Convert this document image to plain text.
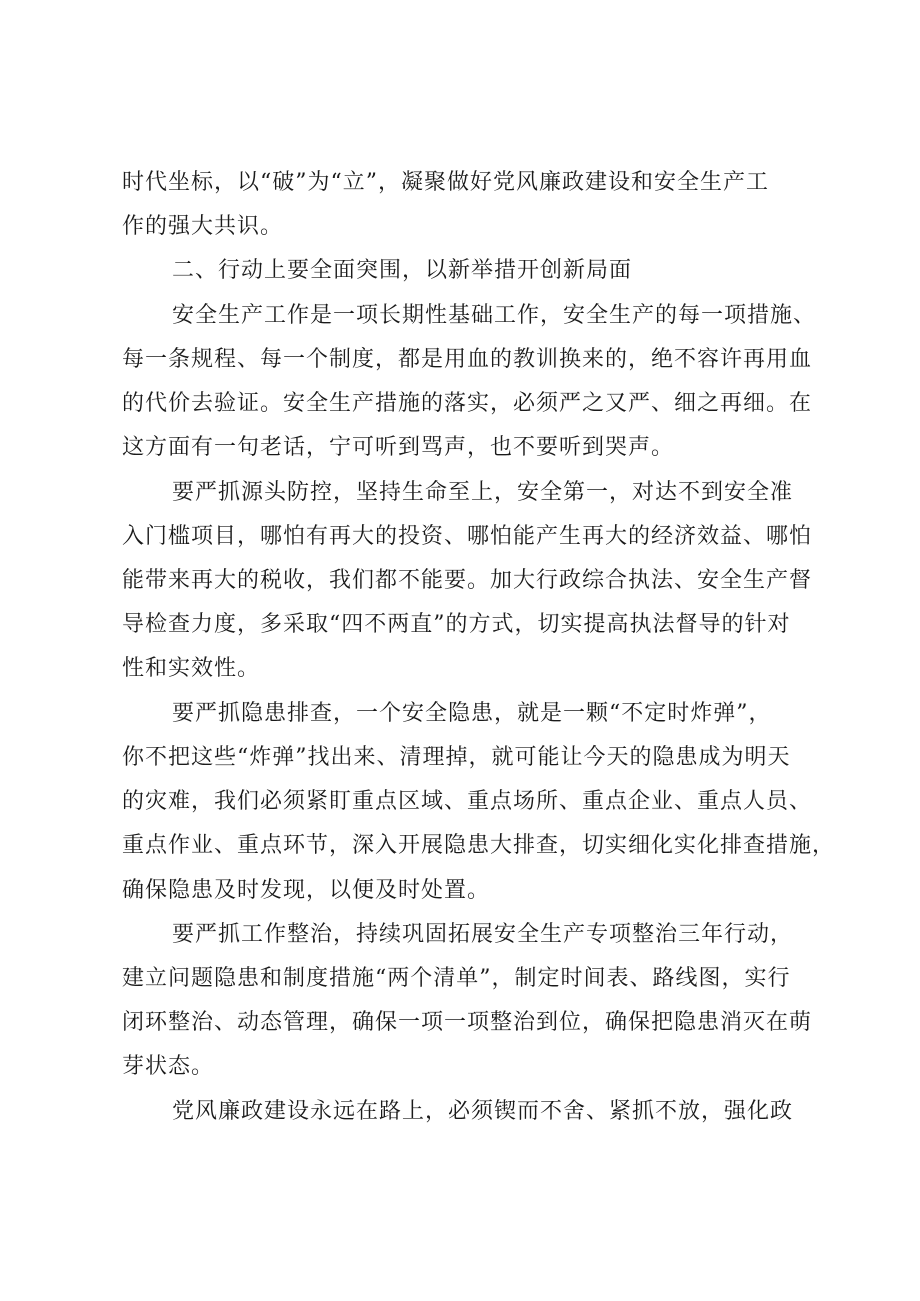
时代坐标，以“破”为“立”，凝聚做好党风廉政建设和安全生产工
作的强大共识。
二、行动上要全面突围，以新举措开创新局面
安全生产工作是一项长期性基础工作，安全生产的每一项措施、
每一条规程、每一个制度，都是用血的教训换来的，绝不容许再用血
的代价去验证。安全生产措施的落实，必须严之又严、细之再细。在
这方面有一句老话，宁可听到骂声，也不要听到哭声。
要严抓源头防控，坚持生命至上，安全第一，对达不到安全准
入门槛项目，哪怕有再大的投资、哪怕能产生再大的经济效益、哪怕
能带来再大的税收，我们都不能要。加大行政综合执法、安全生产督
导检查力度，多采取“四不两直”的方式，切实提高执法督导的针对
性和实效性。
要严抓隐患排查，一个安全隐患，就是一颗“不定时炸弹”，
你不把这些“炸弹”找出来、清理掉，就可能让今天的隐患成为明天
的灾难，我们必须紧盯重点区域、重点场所、重点企业、重点人员、
重点作业、重点环节，深入开展隐患大排查，切实细化实化排查措施，
确保隐患及时发现，以便及时处置。
要严抓工作整治，持续巩固拓展安全生产专项整治三年行动，
建立问题隐患和制度措施“两个清单”，制定时间表、路线图，实行
闭环整治、动态管理，确保一项一项整治到位，确保把隐患消灭在萌
芽状态。
党风廉政建设永远在路上，必须锲而不舍、紧抓不放，强化政
